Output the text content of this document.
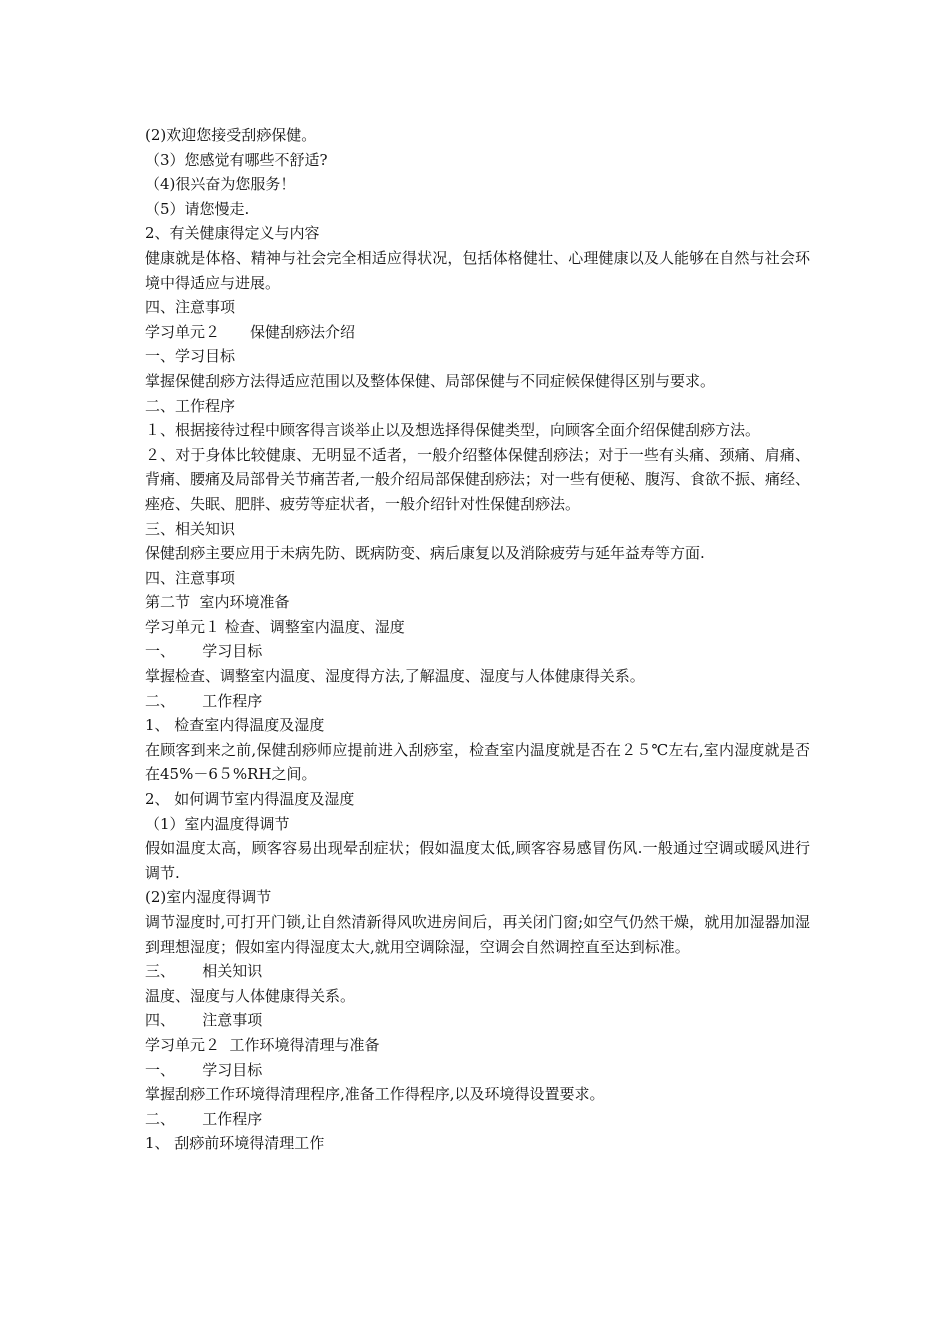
(2)欢迎您接受刮痧保健。

（3）您感觉有哪些不舒适?

（4)很兴奋为您服务！

（5）请您慢走.

2、有关健康得定义与内容

健康就是体格、精神与社会完全相适应得状况，包括体格健壮、心理健康以及人能够在自然与社会环境中得适应与进展。

四、注意事项

学习单元２　　保健刮痧法介绍

一、学习目标

掌握保健刮痧方法得适应范围以及整体保健、局部保健与不同症候保健得区别与要求。

二、工作程序

１、根据接待过程中顾客得言谈举止以及想选择得保健类型，向顾客全面介绍保健刮痧方法。

２、对于身体比较健康、无明显不适者，一般介绍整体保健刮痧法；对于一些有头痛、颈痛、肩痛、背痛、腰痛及局部骨关节痛苦者,一般介绍局部保健刮痧法；对一些有便秘、腹泻、食欲不振、痛经、痤疮、失眠、肥胖、疲劳等症状者，一般介绍针对性保健刮痧法。

三、相关知识

保健刮痧主要应用于未病先防、既病防变、病后康复以及消除疲劳与延年益寿等方面.

四、注意事项

第二节  室内环境准备

学习单元１ 检查、调整室内温度、湿度

一、　　 学习目标

掌握检查、调整室内温度、湿度得方法,了解温度、湿度与人体健康得关系。

二、　　 工作程序

1、 检查室内得温度及湿度

在顾客到来之前,保健刮痧师应提前进入刮痧室，检查室内温度就是否在２５℃左右,室内湿度就是否在45%－6５%RH之间。

2、 如何调节室内得温度及湿度

（1）室内温度得调节

假如温度太高，顾客容易出现晕刮症状；假如温度太低,顾客容易感冒伤风.一般通过空调或暖风进行调节.

(2)室内湿度得调节

调节湿度时,可打开门锁,让自然清新得风吹进房间后，再关闭门窗;如空气仍然干燥，就用加湿器加湿到理想湿度；假如室内得湿度太大,就用空调除湿，空调会自然调控直至达到标准。

三、　　 相关知识

温度、湿度与人体健康得关系。

四、　　 注意事项

学习单元２  工作环境得清理与准备

一、　　 学习目标

掌握刮痧工作环境得清理程序,准备工作得程序,以及环境得设置要求。

二、　　 工作程序

1、 刮痧前环境得清理工作
